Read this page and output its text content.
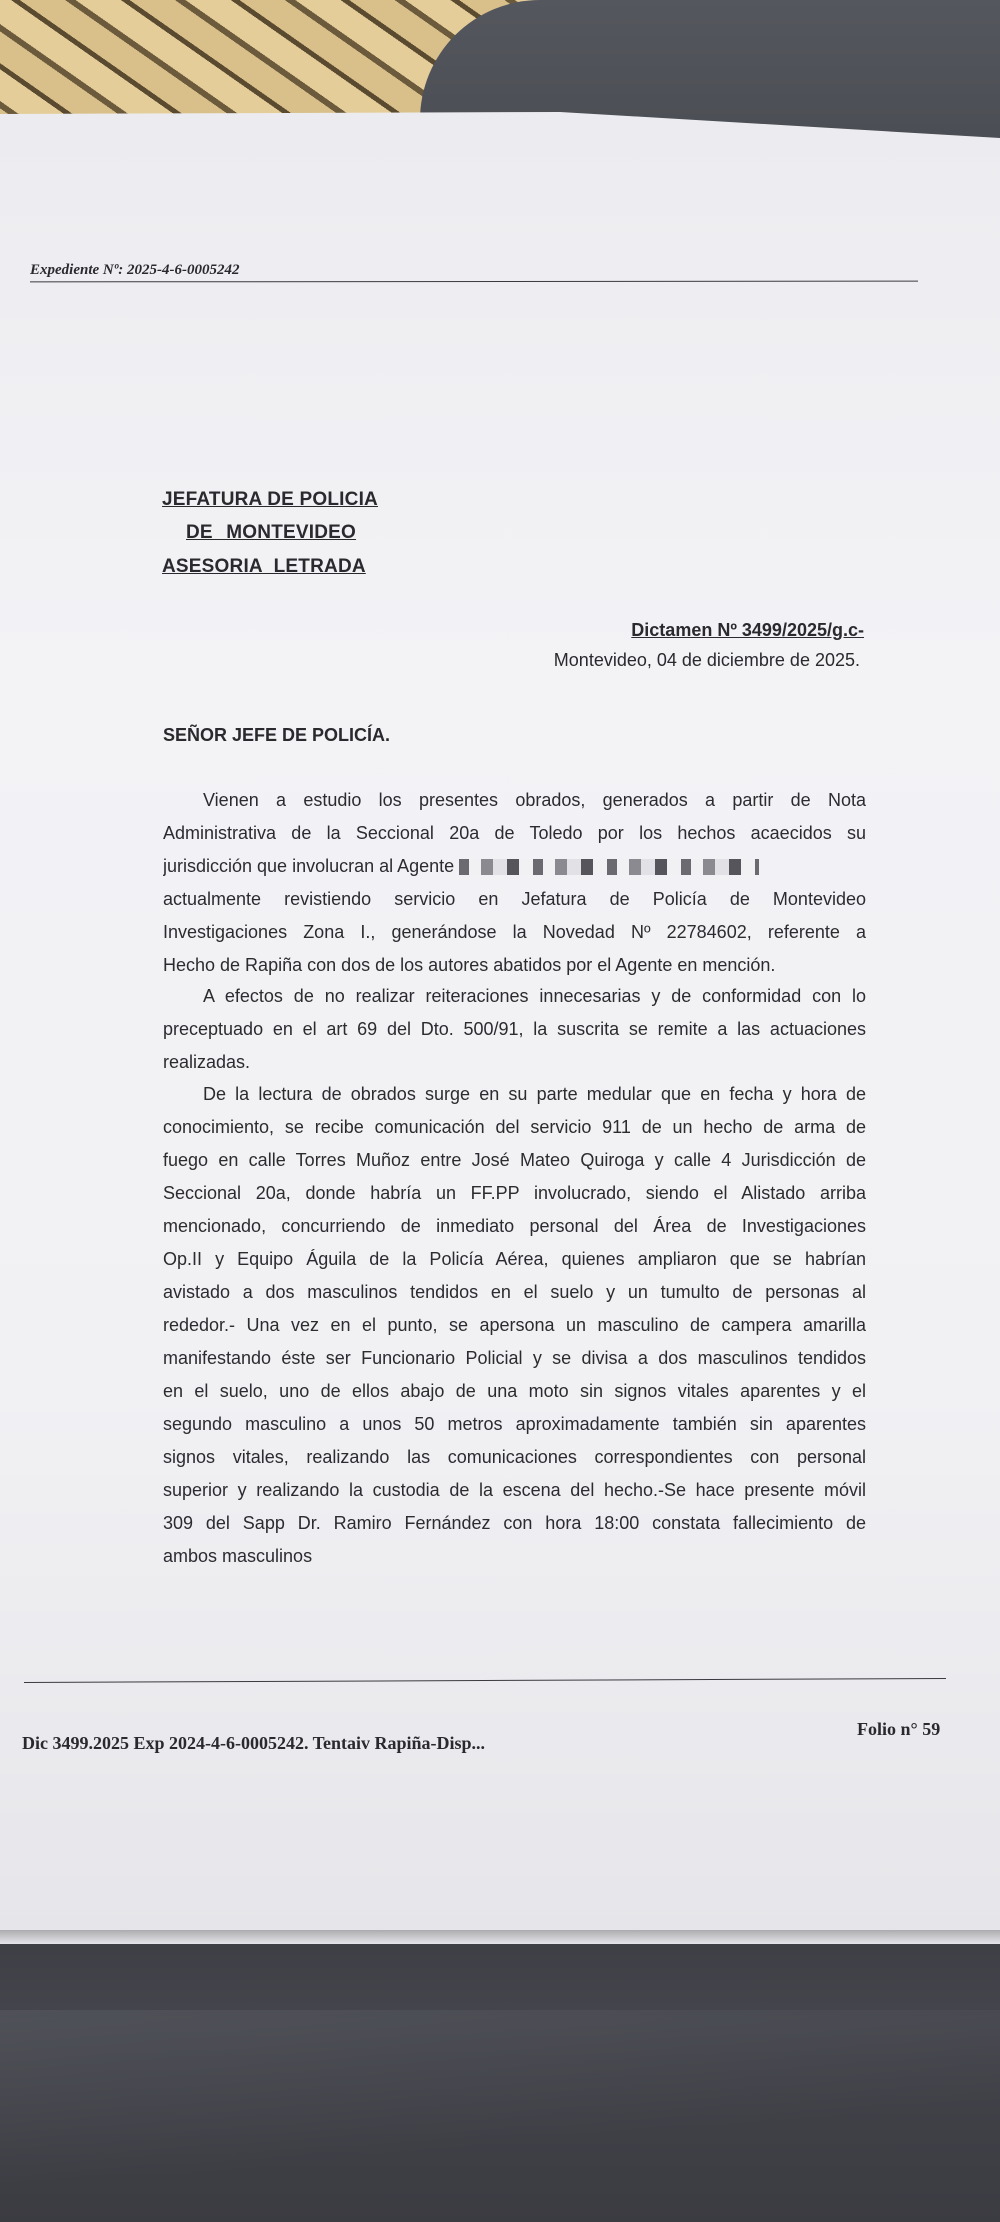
Expediente Nº: 2025-4-6-0005242
JEFATURA DE POLICIA
DE MONTEVIDEO
ASESORIA LETRADA
Dictamen Nº 3499/2025/g.c-
Montevideo, 04 de diciembre de 2025.
SEÑOR JEFE DE POLICÍA.
Vienen a estudio los presentes obrados, generados a partir de Nota
Administrativa de la Seccional 20a de Toledo por los hechos acaecidos su
jurisdicción que involucran al Agente
actualmente revistiendo servicio en Jefatura de Policía de Montevideo
Investigaciones Zona I., generándose la Novedad Nº 22784602, referente a
Hecho de Rapiña con dos de los autores abatidos por el Agente en mención.
A efectos de no realizar reiteraciones innecesarias y de conformidad con lo
preceptuado en el art 69 del Dto. 500/91, la suscrita se remite a las actuaciones
realizadas.
De la lectura de obrados surge en su parte medular que en fecha y hora de
conocimiento, se recibe comunicación del servicio 911 de un hecho de arma de
fuego en calle Torres Muñoz entre José Mateo Quiroga y calle 4 Jurisdicción de
Seccional 20a, donde habría un FF.PP involucrado, siendo el Alistado arriba
mencionado, concurriendo de inmediato personal del Área de Investigaciones
Op.II y Equipo Águila de la Policía Aérea, quienes ampliaron que se habrían
avistado a dos masculinos tendidos en el suelo y un tumulto de personas al
rededor.- Una vez en el punto, se apersona un masculino de campera amarilla
manifestando éste ser Funcionario Policial y se divisa a dos masculinos tendidos
en el suelo, uno de ellos abajo de una moto sin signos vitales aparentes y el
segundo masculino a unos 50 metros aproximadamente también sin aparentes
signos vitales, realizando las comunicaciones correspondientes con personal
superior y realizando la custodia de la escena del hecho.-Se hace presente móvil
309 del Sapp Dr. Ramiro Fernández con hora 18:00 constata fallecimiento de
ambos masculinos
Dic 3499.2025 Exp 2024-4-6-0005242. Tentaiv Rapiña-Disp...
Folio n° 59
